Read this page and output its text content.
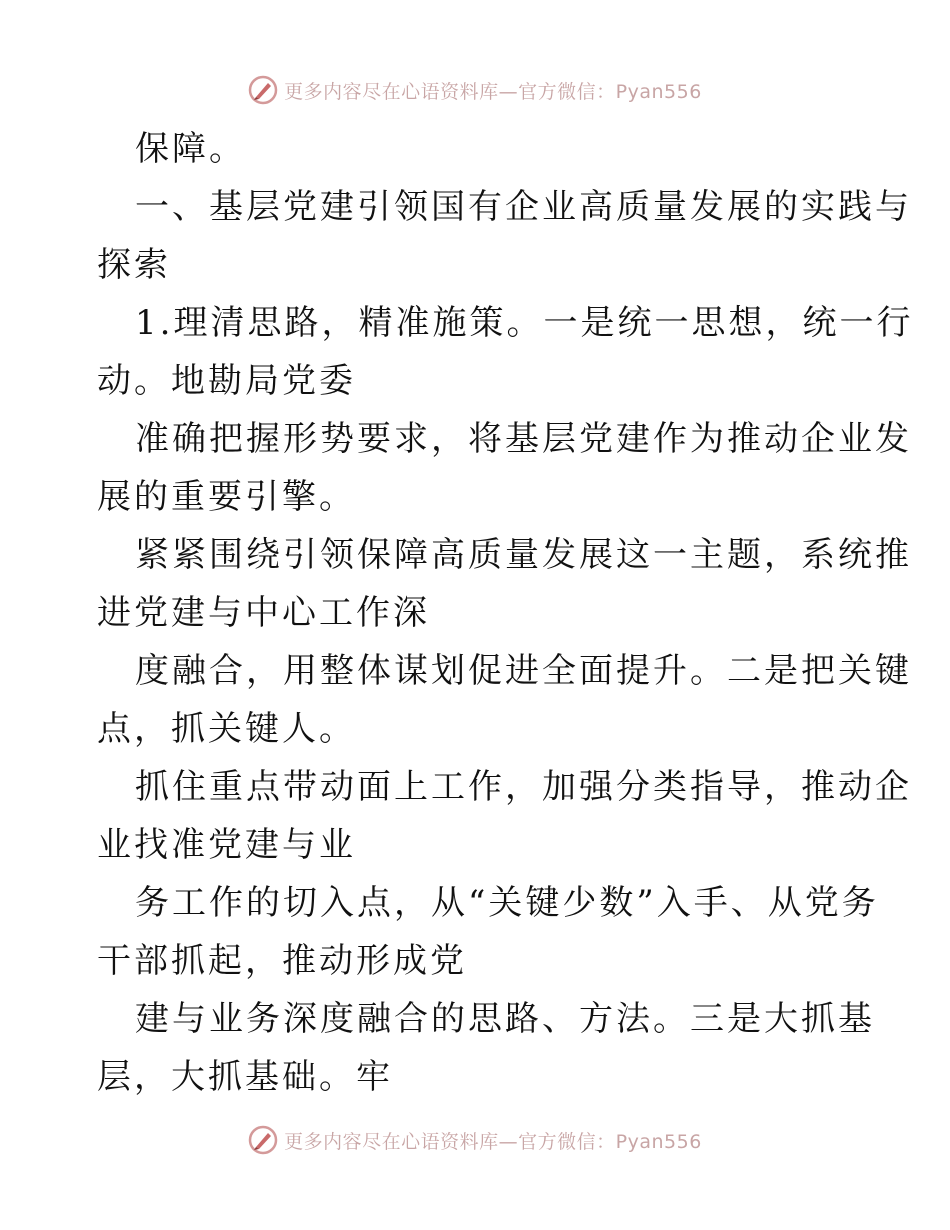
更多内容尽在心语资料库—官方微信：Pyan556
保障。
一、基层党建引领国有企业高质量发展的实践与
探索
1.理清思路，精准施策。一是统一思想，统一行
动。地勘局党委
准确把握形势要求，将基层党建作为推动企业发
展的重要引擎。
紧紧围绕引领保障高质量发展这一主题，系统推
进党建与中心工作深
度融合，用整体谋划促进全面提升。二是把关键
点，抓关键人。
抓住重点带动面上工作，加强分类指导，推动企
业找准党建与业
务工作的切入点，从“关键少数”入手、从党务
干部抓起，推动形成党
建与业务深度融合的思路、方法。三是大抓基
层，大抓基础。牢
更多内容尽在心语资料库—官方微信：Pyan556
